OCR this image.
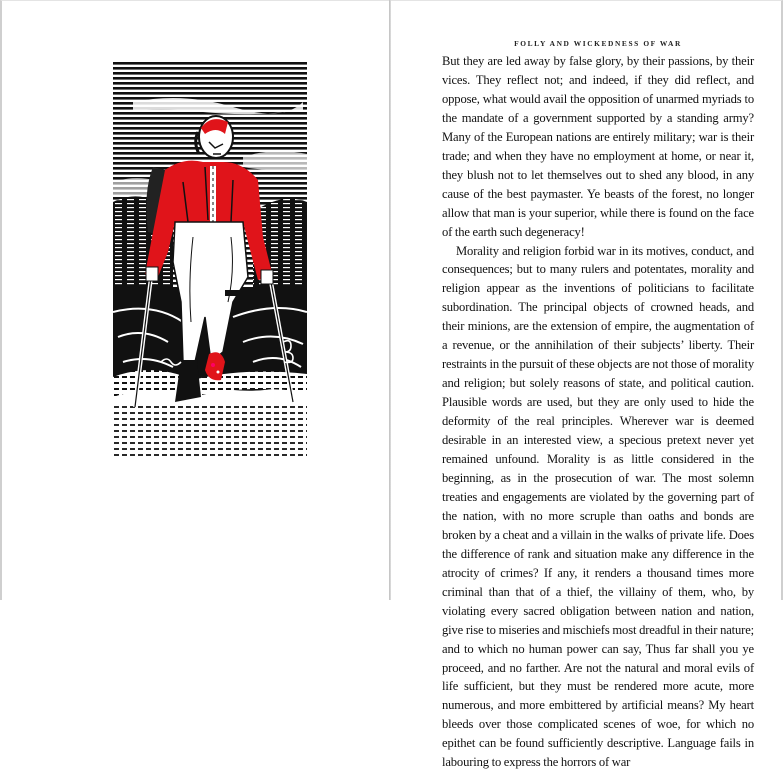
FOLLY AND WICKEDNESS OF WAR

But they are led away by false glory, by their passions, by their vices. They reflect not; and indeed, if they did reflect, and oppose, what would avail the opposition of unarmed myriads to the mandate of a government supported by a standing army? Many of the European nations are entirely military; war is their trade; and when they have no employment at home, or near it, they blush not to let themselves out to shed any blood, in any cause of the best paymaster. Ye beasts of the forest, no longer allow that man is your superior, while there is found on the face of the earth such degeneracy!

Morality and religion forbid war in its motives, conduct, and consequences; but to many rulers and potentates, morality and religion appear as the inventions of politicians to facilitate subordination. The principal objects of crowned heads, and their minions, are the extension of empire, the augmentation of a revenue, or the annihilation of their subjects’ liberty. Their restraints in the pursuit of these objects are not those of morality and religion; but solely reasons of state, and political caution. Plausible words are used, but they are only used to hide the deformity of the real principles. Wherever war is deemed desirable in an interested view, a specious pretext never yet remained unfound. Morality is as little considered in the beginning, as in the prosecution of war. The most solemn treaties and engagements are violated by the governing part of the nation, with no more scruple than oaths and bonds are broken by a cheat and a villain in the walks of private life. Does the difference of rank and situation make any difference in the atrocity of crimes? If any, it renders a thousand times more criminal than that of a thief, the villainy of them, who, by violating every sacred obligation between nation and nation, give rise to miseries and mischiefs most dreadful in their nature; and to which no human power can say, Thus far shall you ye proceed, and no farther. Are not the natural and moral evils of life sufficient, but they must be rendered more acute, more numerous, and more embittered by artificial means? My heart bleeds over those complicated scenes of woe, for which no epithet can be found sufficiently descriptive. Language fails in labouring to express the horrors of war
